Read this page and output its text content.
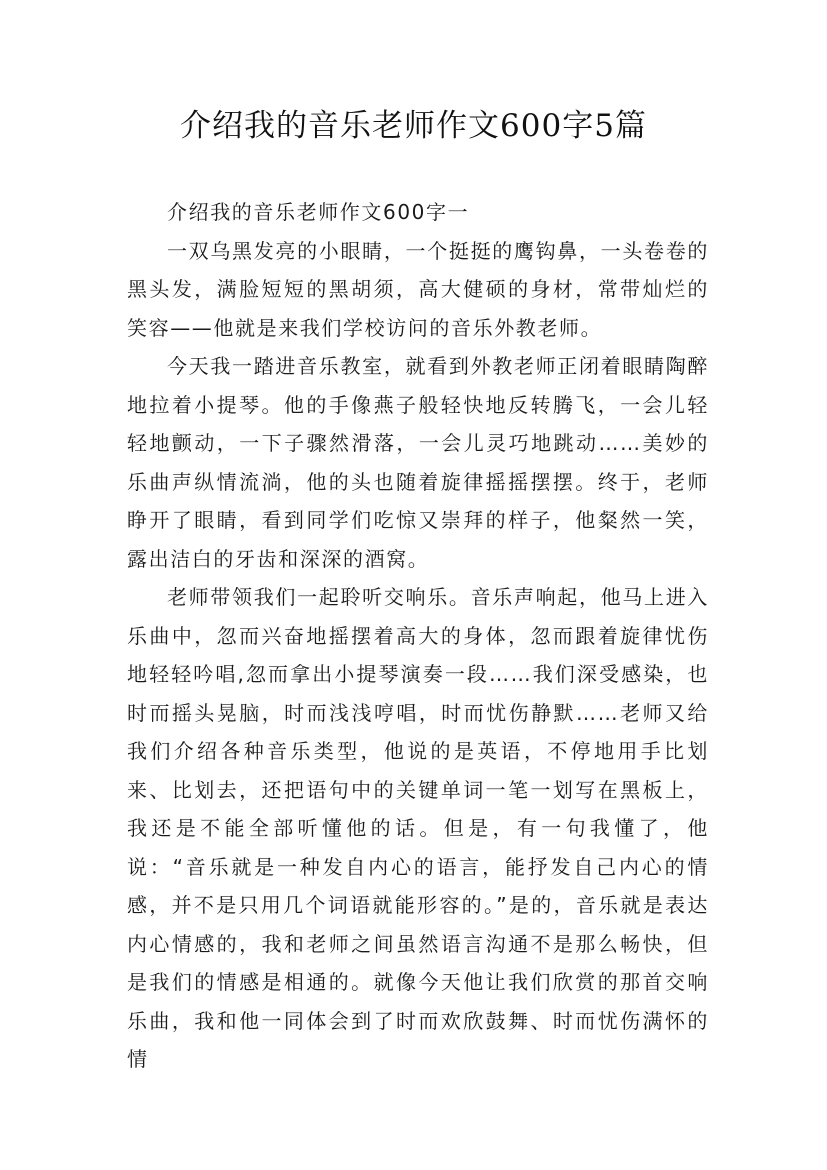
介绍我的音乐老师作文600字5篇

介绍我的音乐老师作文600字一

一双乌黑发亮的小眼睛，一个挺挺的鹰钩鼻，一头卷卷的黑头发，满脸短短的黑胡须，高大健硕的身材，常带灿烂的笑容——他就是来我们学校访问的音乐外教老师。

今天我一踏进音乐教室，就看到外教老师正闭着眼睛陶醉地拉着小提琴。他的手像燕子般轻快地反转腾飞，一会儿轻轻地颤动，一下子骤然滑落，一会儿灵巧地跳动……美妙的乐曲声纵情流淌，他的头也随着旋律摇摇摆摆。终于，老师睁开了眼睛，看到同学们吃惊又崇拜的样子，他粲然一笑，露出洁白的牙齿和深深的酒窝。

老师带领我们一起聆听交响乐。音乐声响起，他马上进入乐曲中，忽而兴奋地摇摆着高大的身体，忽而跟着旋律忧伤地轻轻吟唱,忽而拿出小提琴演奏一段……我们深受感染，也时而摇头晃脑，时而浅浅哼唱，时而忧伤静默……老师又给我们介绍各种音乐类型，他说的是英语，不停地用手比划来、比划去，还把语句中的关键单词一笔一划写在黑板上，我还是不能全部听懂他的话。但是，有一句我懂了，他说：“音乐就是一种发自内心的语言，能抒发自己内心的情感，并不是只用几个词语就能形容的。”是的，音乐就是表达内心情感的，我和老师之间虽然语言沟通不是那么畅快，但是我们的情感是相通的。就像今天他让我们欣赏的那首交响乐曲，我和他一同体会到了时而欢欣鼓舞、时而忧伤满怀的情
